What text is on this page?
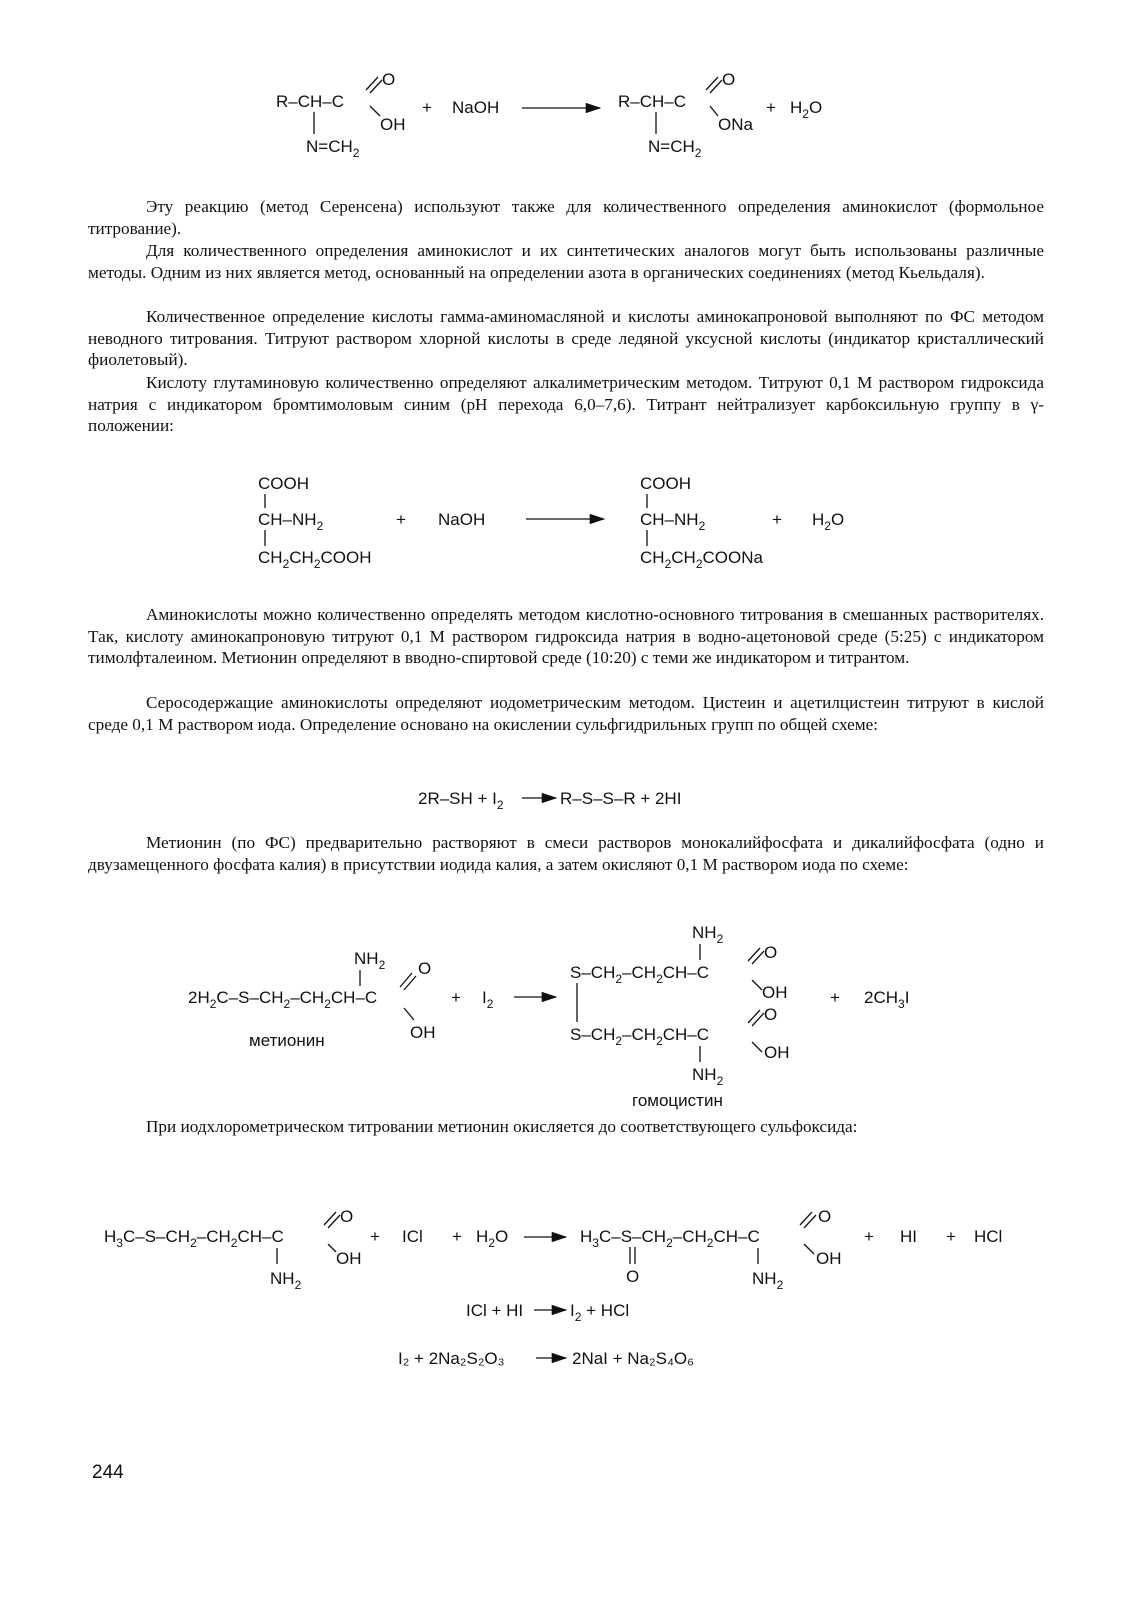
R–CH–C
$N=CH_2$
O
OH
+ NaOH	R–CH–C
$N=CH_2$
O
ONa
+ $H_2O$
COOH
$CH-NH_2$
$CH_2CH_2COOH$
+ NaOH
COOH
$CH-NH_2$
$CH_2CH_2COONa$
+ $H_2O$
$2R-SH + I_2$	R–S–S–R + 2HI
$2H_2C-S-CH_2-CH_2CH-C$
$NH_2$ O
OH
метионин
+ $I_2$
$NH_2$
$S-CH_2-CH_2CH-C$
O
OH
$S-CH_2-CH_2CH-C$
O
OH
$NH_2$
гомоцистин
+ $2CH_3I$
$H_3C-S-CH_2-CH_2CH-C$
O
OH
$NH_2$
+ ICl + $H_2O$	$H_3C-S-CH_2-CH_2CH-C$
O
O
OH
$NH_2$
+ HI + HCl
ICl + HI	$I_2$ + HCl
I₂ + 2Na₂S₂O₃	2NaI + Na₂S₄O₆

Эту реакцию (метод Серенсена) используют также для количественного определения аминокислот (формольное титрование).

Для количественного определения аминокислот и их синтетических аналогов могут быть использованы различные методы. Одним из них является метод, основанный на определении азота в органических соединениях (метод Кьельдаля).

Количественное определение кислоты гамма-аминомасляной и кислоты аминокапроновой выполняют по ФС методом неводного титрования. Титруют раствором хлорной кислоты в среде ледяной уксусной кислоты (индикатор кристаллический фиолетовый).

Кислоту глутаминовую количественно определяют алкалиметрическим методом. Титруют 0,1 М раствором гидроксида натрия с индикатором бромтимоловым синим (pH перехода 6,0–7,6). Титрант нейтрализует карбоксильную группу в γ-положении:

Аминокислоты можно количественно определять методом кислотно-основного титрования в смешанных растворителях. Так, кислоту аминокапроновую титруют 0,1 М раствором гидроксида натрия в водно-ацетоновой среде (5:25) с индикатором тимолфталеином. Метионин определяют в вводно-спиртовой среде (10:20) с теми же индикатором и титрантом.

Серосодержащие аминокислоты определяют иодометрическим методом. Цистеин и ацетилцистеин титруют в кислой среде 0,1 М раствором иода. Определение основано на окислении сульфгидрильных групп по общей схеме:

Метионин (по ФС) предварительно растворяют в смеси растворов монокалийфосфата и дикалийфосфата (одно и двузамещенного фосфата калия) в присутствии иодида калия, а затем окисляют 0,1 М раствором иода по схеме:

При иодхлорометрическом титровании метионин окисляется до соответствующего сульфоксида:

244
